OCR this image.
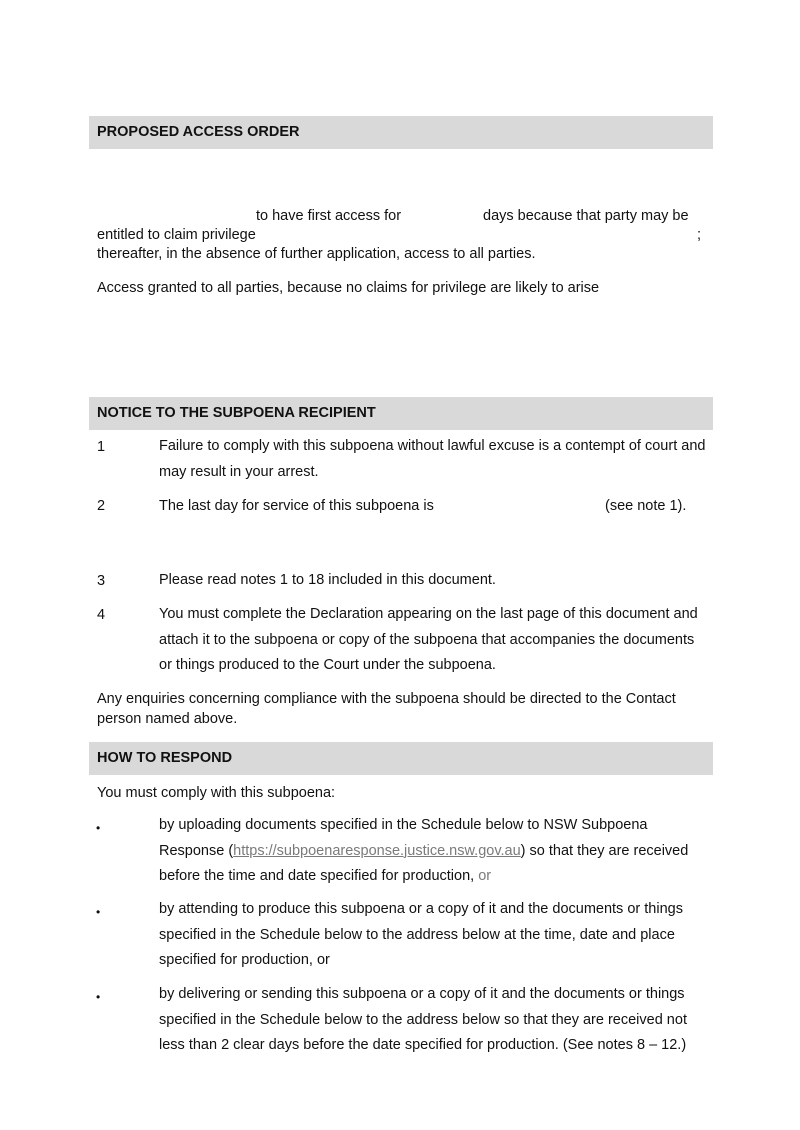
PROPOSED ACCESS ORDER
to have first access for	days because that party may be
entitled to claim privilege	;
thereafter, in the absence of further application, access to all parties.
Access granted to all parties, because no claims for privilege are likely to arise
NOTICE TO THE SUBPOENA RECIPIENT
1	Failure to comply with this subpoena without lawful excuse is a contempt of court and may result in your arrest.
2	The last day for service of this subpoena is	(see note 1).
3	Please read notes 1 to 18 included in this document.
4	You must complete the Declaration appearing on the last page of this document and attach it to the subpoena or copy of the subpoena that accompanies the documents or things produced to the Court under the subpoena.
Any enquiries concerning compliance with the subpoena should be directed to the Contact
person named above.
HOW TO RESPOND
You must comply with this subpoena:
•	by uploading documents specified in the Schedule below to NSW Subpoena Response (https://subpoenaresponse.justice.nsw.gov.au) so that they are received before the time and date specified for production, or
•	by attending to produce this subpoena or a copy of it and the documents or things specified in the Schedule below to the address below at the time, date and place specified for production, or
•	by delivering or sending this subpoena or a copy of it and the documents or things specified in the Schedule below to the address below so that they are received not less than 2 clear days before the date specified for production. (See notes 8 – 12.)
